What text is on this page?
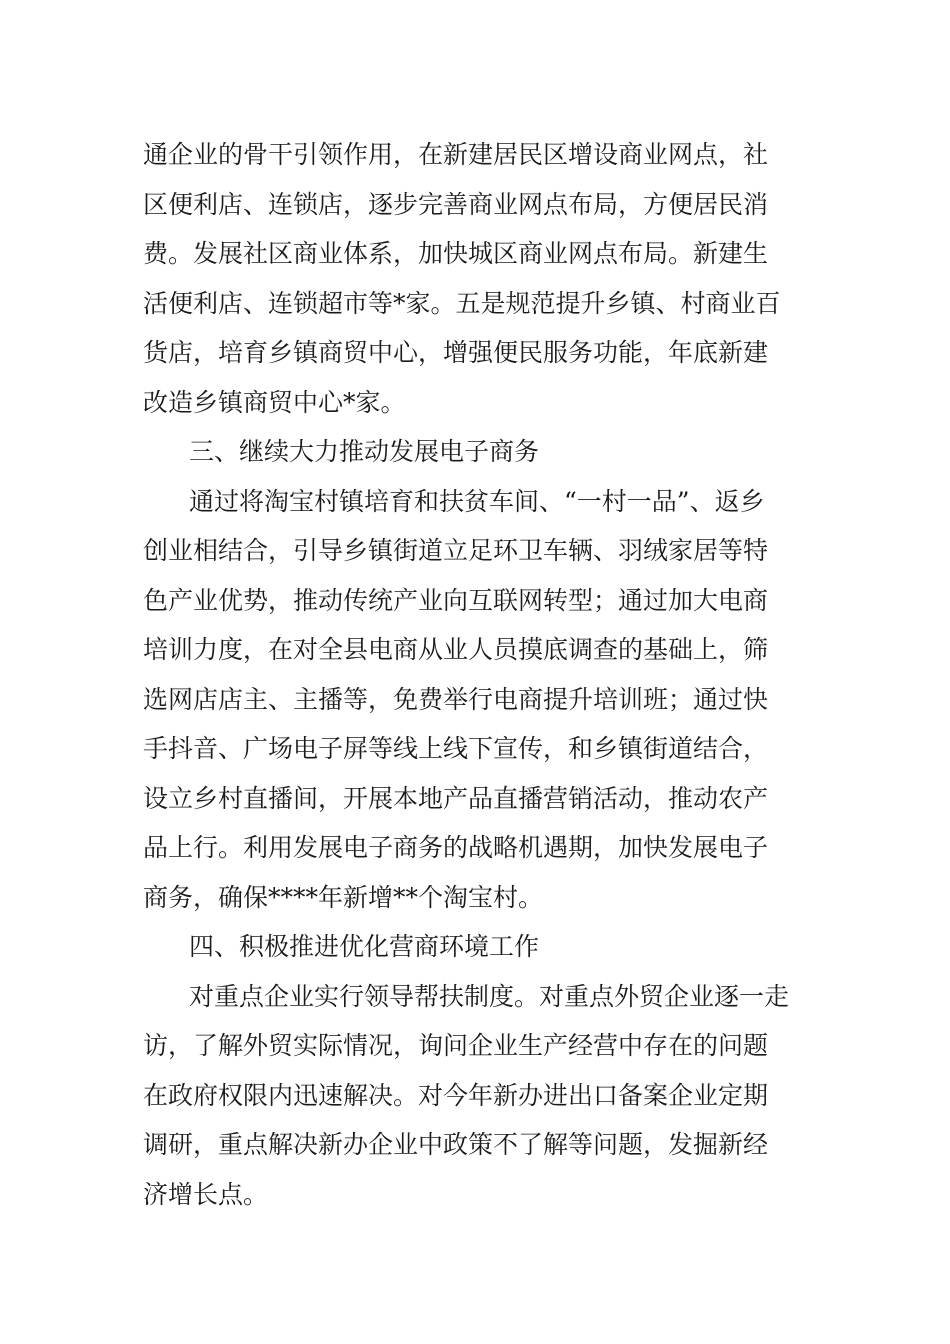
通企业的骨干引领作用，在新建居民区增设商业网点，社
区便利店、连锁店，逐步完善商业网点布局，方便居民消
费。发展社区商业体系，加快城区商业网点布局。新建生
活便利店、连锁超市等*家。五是规范提升乡镇、村商业百
货店，培育乡镇商贸中心，增强便民服务功能，年底新建
改造乡镇商贸中心*家。
三、继续大力推动发展电子商务
通过将淘宝村镇培育和扶贫车间、“一村一品”、返乡
创业相结合，引导乡镇街道立足环卫车辆、羽绒家居等特
色产业优势，推动传统产业向互联网转型；通过加大电商
培训力度，在对全县电商从业人员摸底调查的基础上，筛
选网店店主、主播等，免费举行电商提升培训班；通过快
手抖音、广场电子屏等线上线下宣传，和乡镇街道结合，
设立乡村直播间，开展本地产品直播营销活动，推动农产
品上行。利用发展电子商务的战略机遇期，加快发展电子
商务，确保****年新增**个淘宝村。
四、积极推进优化营商环境工作
对重点企业实行领导帮扶制度。对重点外贸企业逐一走
访，了解外贸实际情况，询问企业生产经营中存在的问题
在政府权限内迅速解决。对今年新办进出口备案企业定期
调研，重点解决新办企业中政策不了解等问题，发掘新经
济增长点。
